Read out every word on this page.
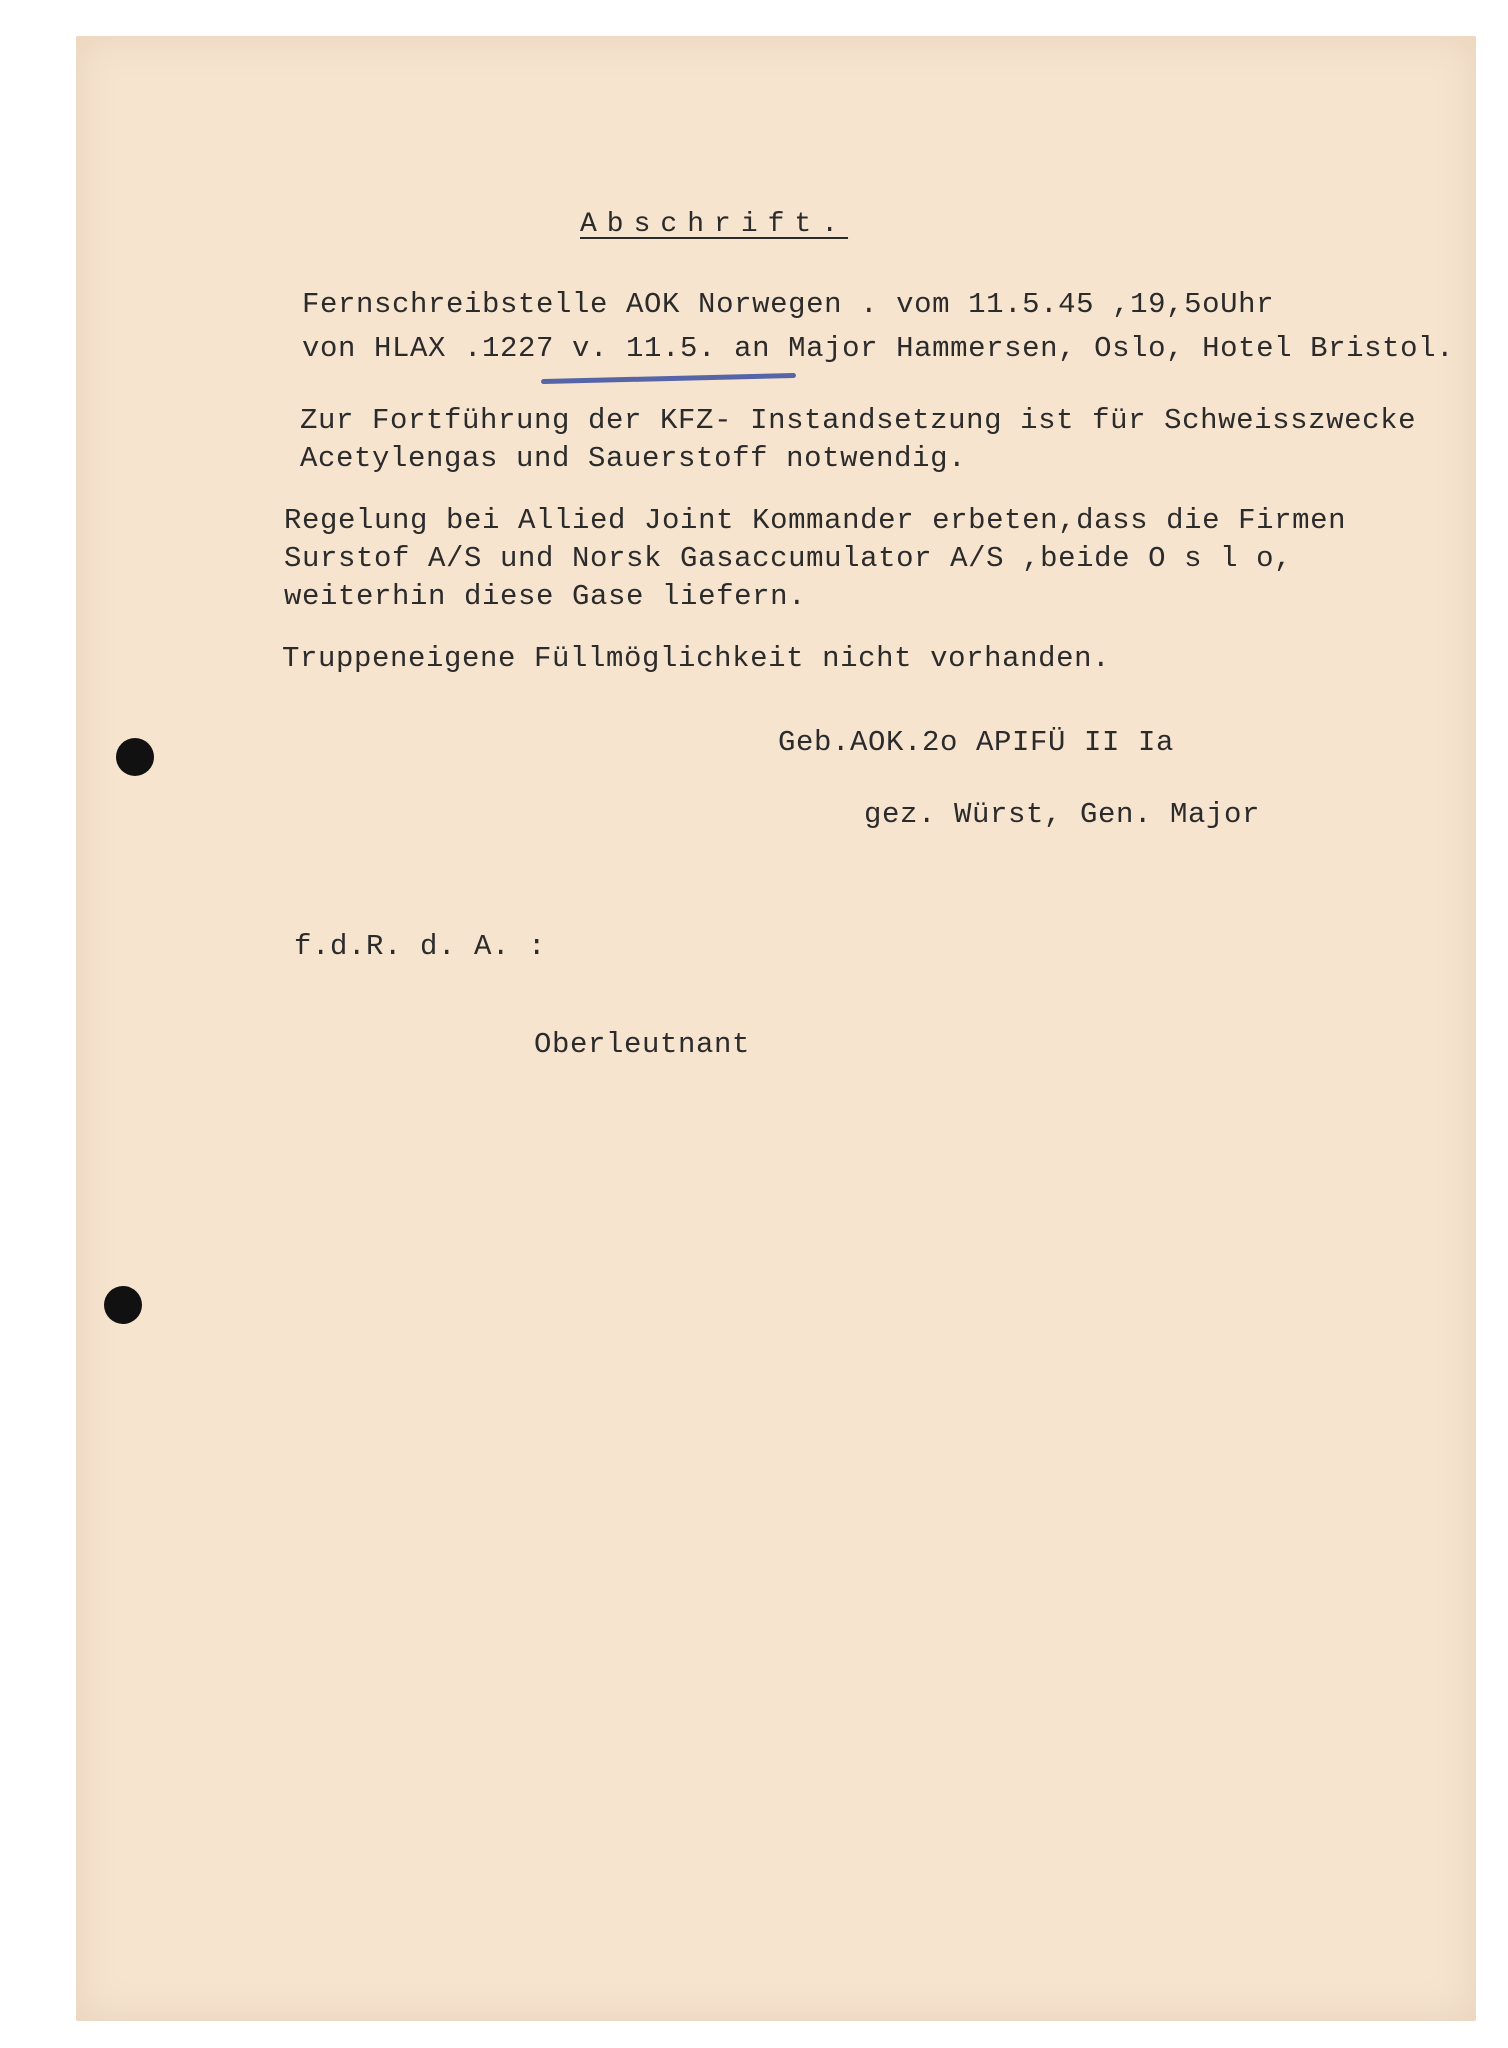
Abschrift.
Fernschreibstelle AOK Norwegen . vom 11.5.45 ,19,5oUhr
von HLAX .1227 v. 11.5. an Major Hammersen, Oslo, Hotel Bristol.
Zur Fortführung der KFZ- Instandsetzung ist für Schweisszwecke
Acetylengas und Sauerstoff notwendig.
Regelung bei Allied Joint Kommander erbeten,dass die Firmen
Surstof A/S und Norsk Gasaccumulator A/S ,beide O s l o,
weiterhin diese Gase liefern.
Truppeneigene Füllmöglichkeit nicht vorhanden.
Geb.AOK.2o APIFÜ II Ia
gez. Würst, Gen. Major
f.d.R. d. A. :
Oberleutnant
